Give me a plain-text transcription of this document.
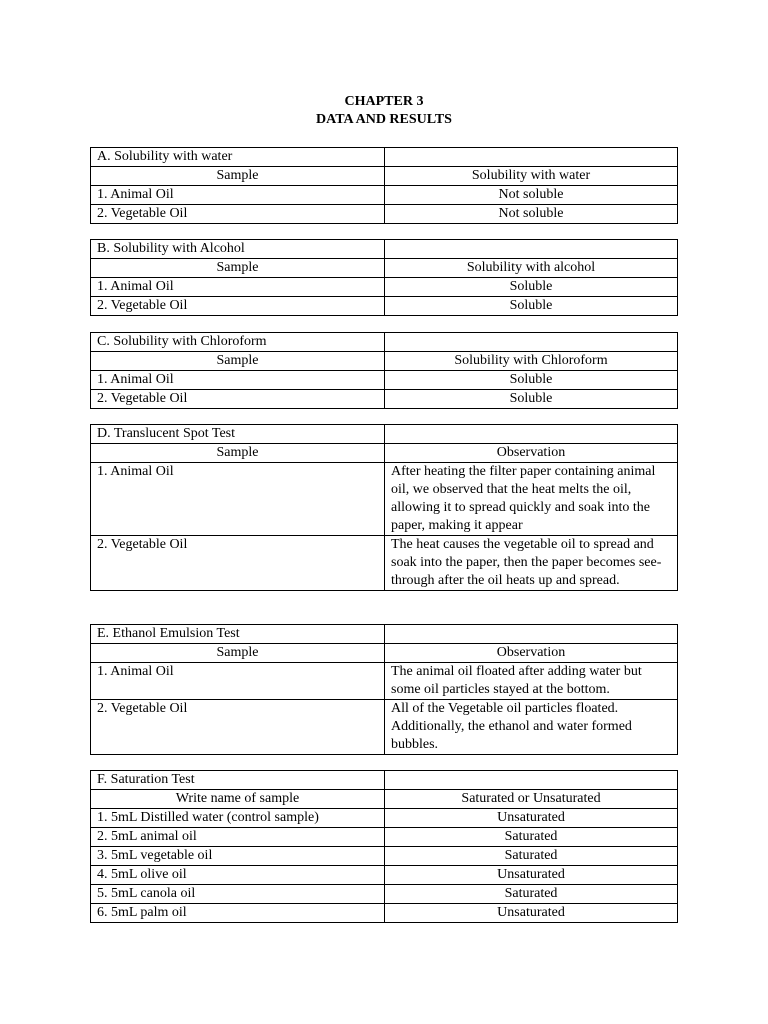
CHAPTER 3
DATA AND RESULTS
A. Solubility with water	
Sample	Solubility with water
1. Animal Oil	Not soluble
2. Vegetable Oil	Not soluble
B. Solubility with Alcohol	
Sample	Solubility with alcohol
1. Animal Oil	Soluble
2. Vegetable Oil	Soluble
C. Solubility with Chloroform	
Sample	Solubility with Chloroform
1. Animal Oil	Soluble
2. Vegetable Oil	Soluble
D. Translucent Spot Test	
Sample	Observation
1. Animal Oil	After heating the filter paper containing animal oil, we observed that the heat melts the oil, allowing it to spread quickly and soak into the paper, making it appear
2. Vegetable Oil	The heat causes the vegetable oil to spread and soak into the paper, then the paper becomes see-through after the oil heats up and spread.
E. Ethanol Emulsion Test	
Sample	Observation
1. Animal Oil	The animal oil floated after adding water but some oil particles stayed at the bottom.
2. Vegetable Oil	All of the Vegetable oil particles floated. Additionally, the ethanol and water formed bubbles.
F. Saturation Test	
Write name of sample	Saturated or Unsaturated
1. 5mL Distilled water (control sample)	Unsaturated
2. 5mL animal oil	Saturated
3. 5mL vegetable oil	Saturated
4. 5mL olive oil	Unsaturated
5. 5mL canola oil	Saturated
6. 5mL palm oil	Unsaturated
